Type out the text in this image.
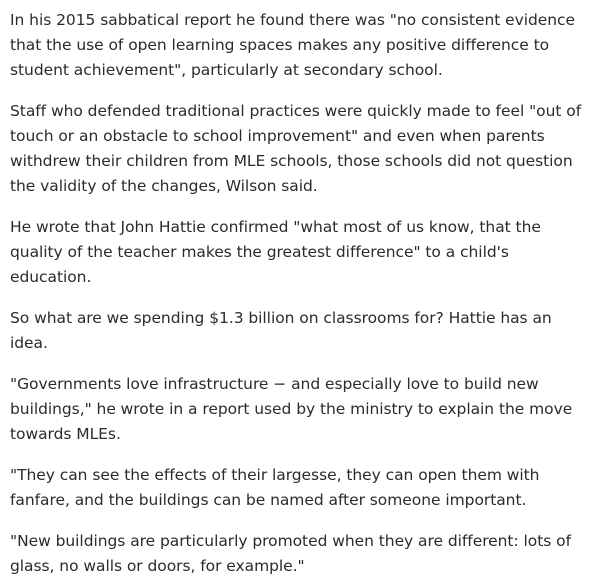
In his 2015 sabbatical report he found there was "no consistent evidence that the use of open learning spaces makes any positive difference to student achievement", particularly at secondary school.

Staff who defended traditional practices were quickly made to feel "out of touch or an obstacle to school improvement" and even when parents withdrew their children from MLE schools, those schools did not question the validity of the changes, Wilson said.

He wrote that John Hattie confirmed "what most of us know, that the quality of the teacher makes the greatest difference" to a child's education.

So what are we spending $1.3 billion on classrooms for? Hattie has an idea.

"Governments love infrastructure − and especially love to build new buildings," he wrote in a report used by the ministry to explain the move towards MLEs.

"They can see the effects of their largesse, they can open them with fanfare, and the buildings can be named after someone important.

"New buildings are particularly promoted when they are different: lots of glass, no walls or doors, for example."
